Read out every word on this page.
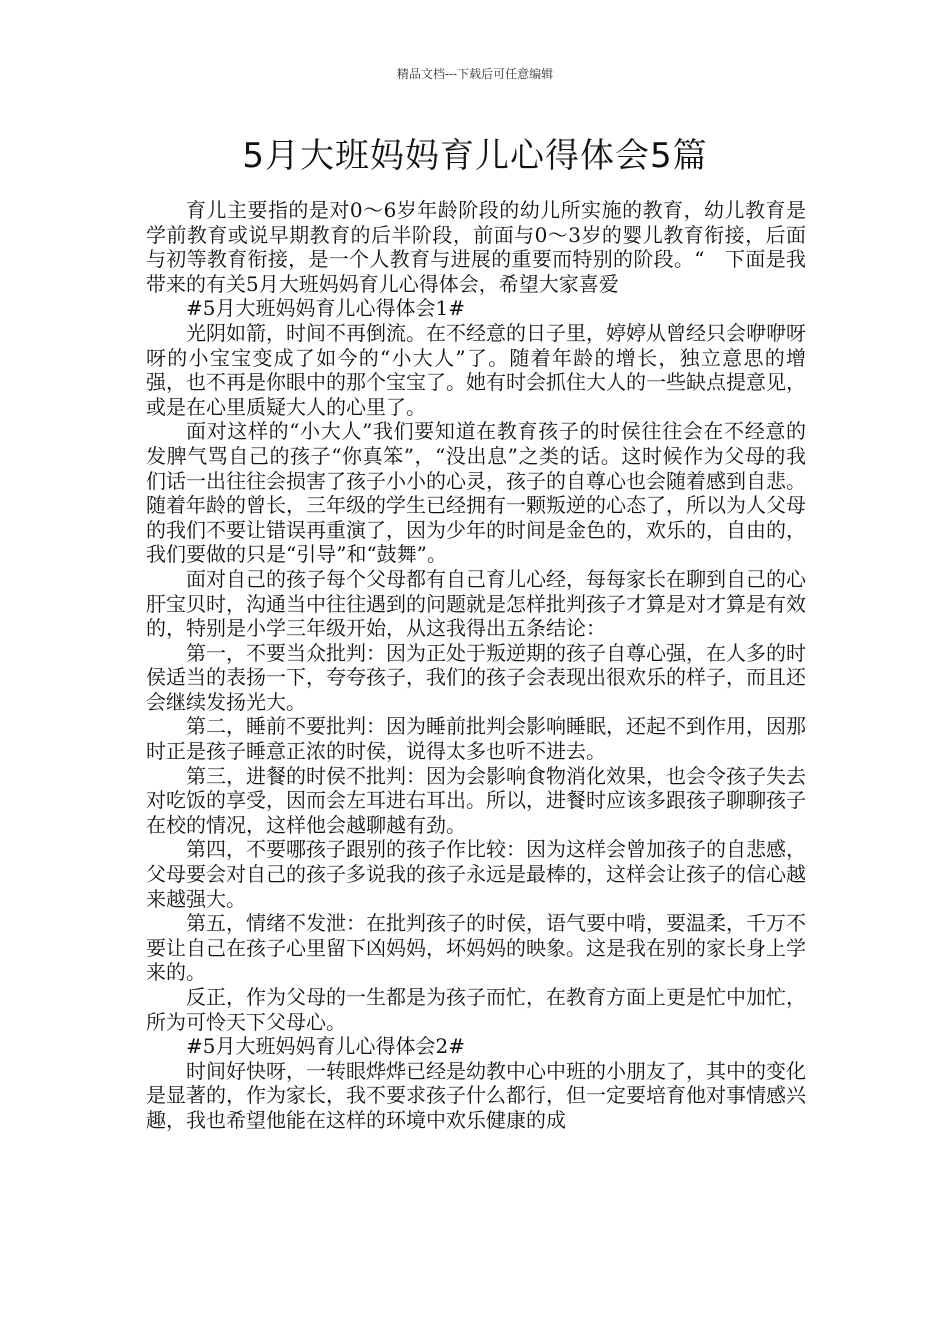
精品文档---下载后可任意编辑
5月大班妈妈育儿心得体会5篇

育儿主要指的是对0～6岁年龄阶段的幼儿所实施的教育，幼儿教育是学前教育或说早期教育的后半阶段，前面与0～3岁的婴儿教育衔接，后面与初等教育衔接，是一个人教育与进展的重要而特别的阶段。“　下面是我带来的有关5月大班妈妈育儿心得体会，希望大家喜爱

#5月大班妈妈育儿心得体会1#

光阴如箭，时间不再倒流。在不经意的日子里，婷婷从曾经只会咿咿呀呀的小宝宝变成了如今的“小大人”了。随着年龄的增长，独立意思的增强，也不再是你眼中的那个宝宝了。她有时会抓住大人的一些缺点提意见，或是在心里质疑大人的心里了。

面对这样的“小大人”我们要知道在教育孩子的时侯往往会在不经意的发脾气骂自己的孩子“你真笨”，“没出息”之类的话。这时候作为父母的我们话一出往往会损害了孩子小小的心灵，孩子的自尊心也会随着感到自悲。随着年龄的曾长，三年级的学生已经拥有一颗叛逆的心态了，所以为人父母的我们不要让错误再重演了，因为少年的时间是金色的，欢乐的，自由的，我们要做的只是“引导”和“鼓舞”。

面对自己的孩子每个父母都有自己育儿心经，每每家长在聊到自己的心肝宝贝时，沟通当中往往遇到的问题就是怎样批判孩子才算是对才算是有效的，特别是小学三年级开始，从这我得出五条结论：

第一，不要当众批判：因为正处于叛逆期的孩子自尊心强，在人多的时侯适当的表扬一下，夸夸孩子，我们的孩子会表现出很欢乐的样子，而且还会继续发扬光大。

第二，睡前不要批判：因为睡前批判会影响睡眠，还起不到作用，因那时正是孩子睡意正浓的时侯，说得太多也听不进去。

第三，进餐的时侯不批判：因为会影响食物消化效果，也会令孩子失去对吃饭的享受，因而会左耳进右耳出。所以，进餐时应该多跟孩子聊聊孩子在校的情况，这样他会越聊越有劲。

第四，不要哪孩子跟别的孩子作比较：因为这样会曾加孩子的自悲感，父母要会对自己的孩子多说我的孩子永远是最棒的，这样会让孩子的信心越来越强大。

第五，情绪不发泄：在批判孩子的时侯，语气要中啃，要温柔，千万不要让自己在孩子心里留下凶妈妈，坏妈妈的映象。这是我在别的家长身上学来的。

反正，作为父母的一生都是为孩子而忙，在教育方面上更是忙中加忙，所为可怜天下父母心。

#5月大班妈妈育儿心得体会2#

时间好快呀，一转眼烨烨已经是幼教中心中班的小朋友了，其中的变化是显著的，作为家长，我不要求孩子什么都行，但一定要培育他对事情感兴趣，我也希望他能在这样的环境中欢乐健康的成
